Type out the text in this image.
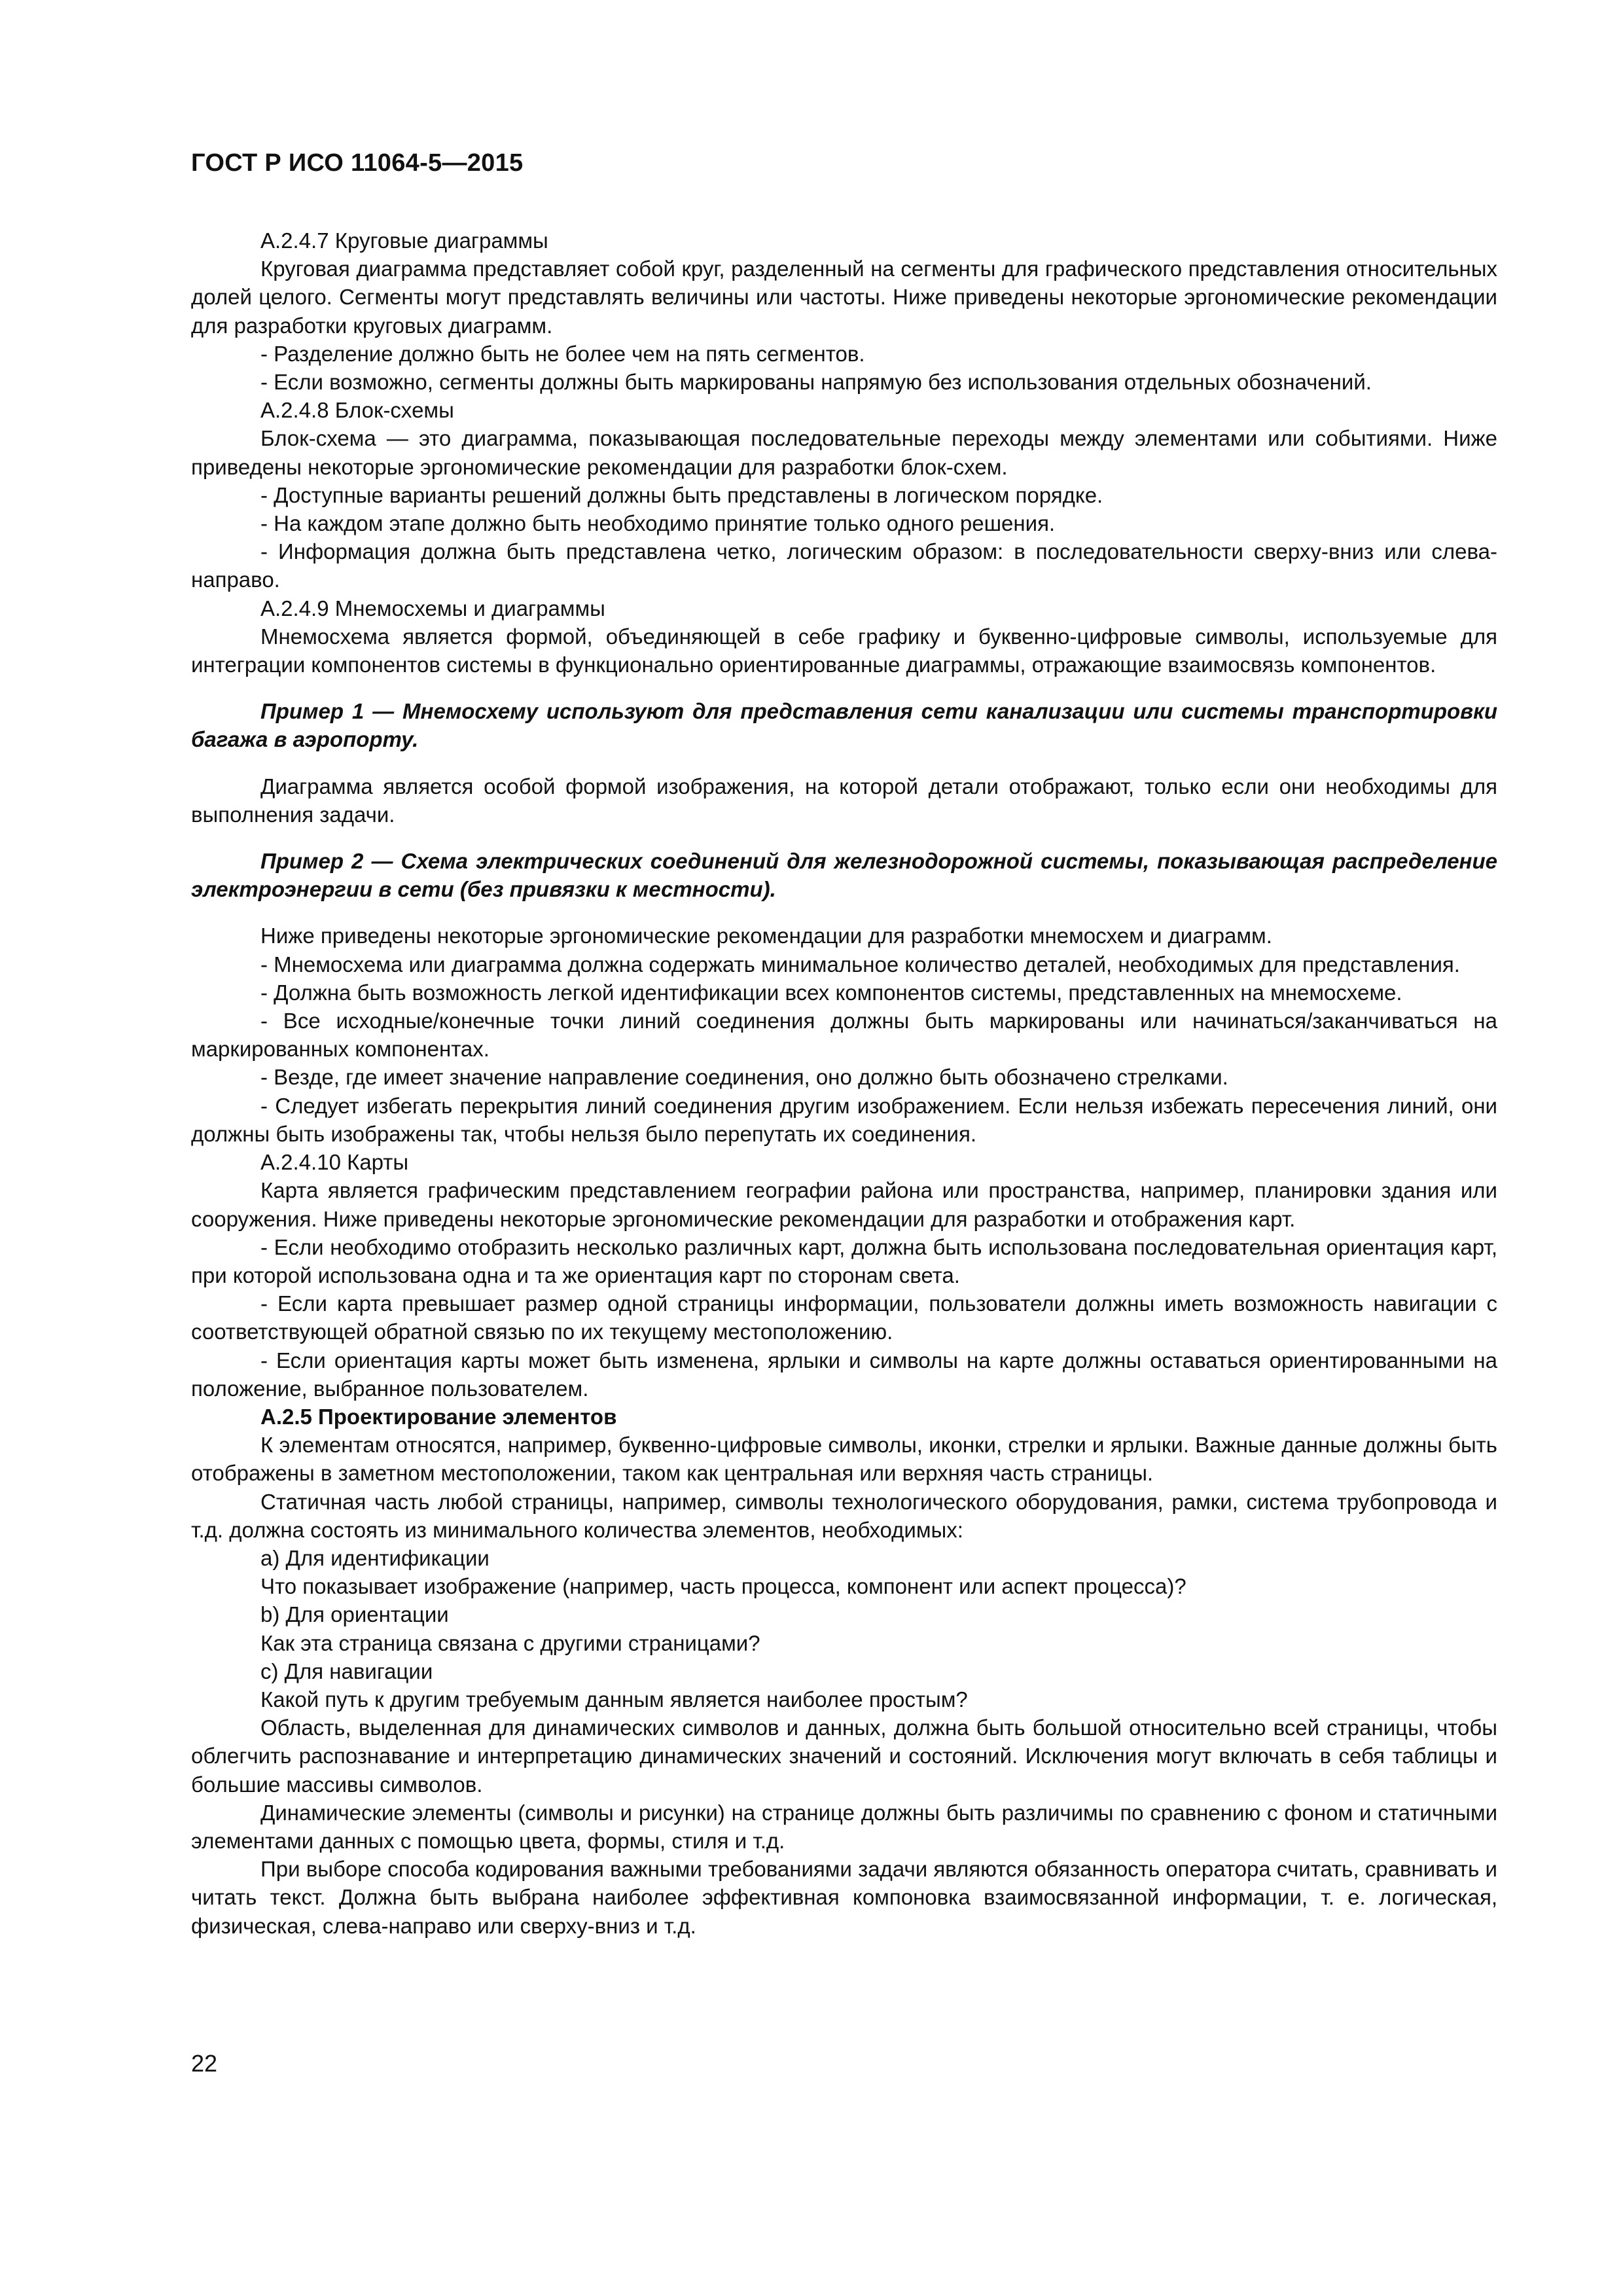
ГОСТ Р ИСО 11064-5—2015

А.2.4.7 Круговые диаграммы

Круговая диаграмма представляет собой круг, разделенный на сегменты для графического представления относительных долей целого. Сегменты могут представлять величины или частоты. Ниже приведены некоторые эргономические рекомендации для разработки круговых диаграмм.

- Разделение должно быть не более чем на пять сегментов.

- Если возможно, сегменты должны быть маркированы напрямую без использования отдельных обозначений.

А.2.4.8 Блок-схемы

Блок-схема — это диаграмма, показывающая последовательные переходы между элементами или событиями. Ниже приведены некоторые эргономические рекомендации для разработки блок-схем.

- Доступные варианты решений должны быть представлены в логическом порядке.

- На каждом этапе должно быть необходимо принятие только одного решения.

- Информация должна быть представлена четко, логическим образом: в последовательности сверху-вниз или слева-направо.

А.2.4.9 Мнемосхемы и диаграммы

Мнемосхема является формой, объединяющей в себе графику и буквенно-цифровые символы, используемые для интеграции компонентов системы в функционально ориентированные диаграммы, отражающие взаимосвязь компонентов.

Пример 1 — Мнемосхему используют для представления сети канализации или системы транспортировки багажа в аэропорту.

Диаграмма является особой формой изображения, на которой детали отображают, только если они необходимы для выполнения задачи.

Пример 2 — Схема электрических соединений для железнодорожной системы, показывающая распределение электроэнергии в сети (без привязки к местности).

Ниже приведены некоторые эргономические рекомендации для разработки мнемосхем и диаграмм.

- Мнемосхема или диаграмма должна содержать минимальное количество деталей, необходимых для представления.

- Должна быть возможность легкой идентификации всех компонентов системы, представленных на мнемосхеме.

- Все исходные/конечные точки линий соединения должны быть маркированы или начинаться/заканчиваться на маркированных компонентах.

- Везде, где имеет значение направление соединения, оно должно быть обозначено стрелками.

- Следует избегать перекрытия линий соединения другим изображением. Если нельзя избежать пересечения линий, они должны быть изображены так, чтобы нельзя было перепутать их соединения.

А.2.4.10 Карты

Карта является графическим представлением географии района или пространства, например, планировки здания или сооружения. Ниже приведены некоторые эргономические рекомендации для разработки и отображения карт.

- Если необходимо отобразить несколько различных карт, должна быть использована последовательная ориентация карт, при которой использована одна и та же ориентация карт по сторонам света.

- Если карта превышает размер одной страницы информации, пользователи должны иметь возможность навигации с соответствующей обратной связью по их текущему местоположению.

- Если ориентация карты может быть изменена, ярлыки и символы на карте должны оставаться ориентированными на положение, выбранное пользователем.

А.2.5 Проектирование элементов

К элементам относятся, например, буквенно-цифровые символы, иконки, стрелки и ярлыки. Важные данные должны быть отображены в заметном местоположении, таком как центральная или верхняя часть страницы.

Статичная часть любой страницы, например, символы технологического оборудования, рамки, система трубопровода и т.д. должна состоять из минимального количества элементов, необходимых:

a) Для идентификации

Что показывает изображение (например, часть процесса, компонент или аспект процесса)?

b) Для ориентации

Как эта страница связана с другими страницами?

c) Для навигации

Какой путь к другим требуемым данным является наиболее простым?

Область, выделенная для динамических символов и данных, должна быть большой относительно всей страницы, чтобы облегчить распознавание и интерпретацию динамических значений и состояний. Исключения могут включать в себя таблицы и большие массивы символов.

Динамические элементы (символы и рисунки) на странице должны быть различимы по сравнению с фоном и статичными элементами данных с помощью цвета, формы, стиля и т.д.

При выборе способа кодирования важными требованиями задачи являются обязанность оператора считать, сравнивать и читать текст. Должна быть выбрана наиболее эффективная компоновка взаимосвязанной информации, т. е. логическая, физическая, слева-направо или сверху-вниз и т.д.

22
